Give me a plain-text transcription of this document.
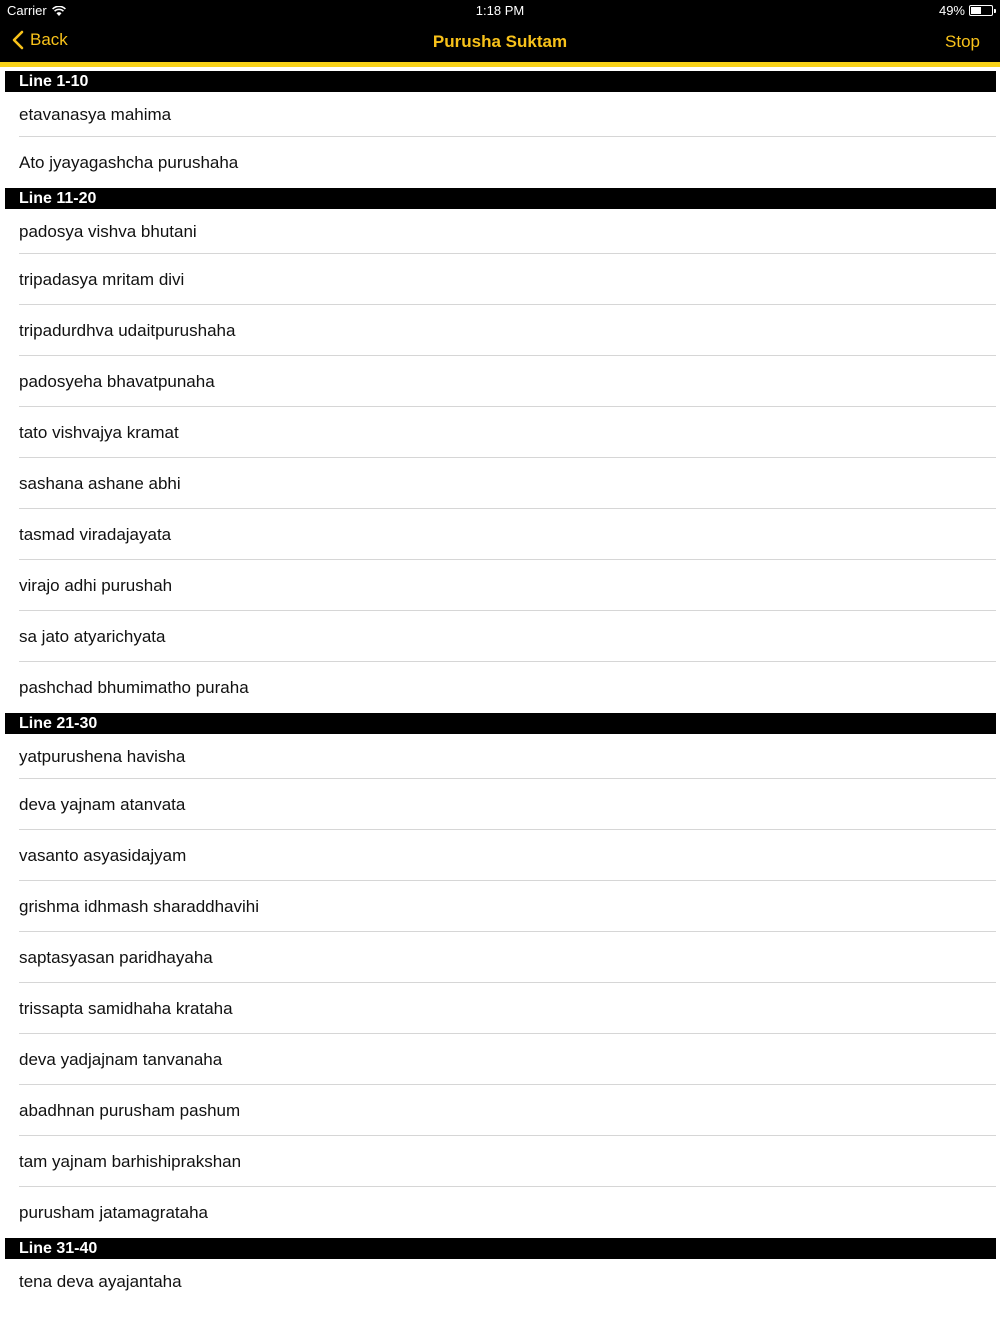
Carrier	1:18 PM	49%
Back	Purusha Suktam	Stop
Line 1-10
etavanasya mahima
Ato jyayagashcha purushaha
Line 11-20
padosya vishva bhutani
tripadasya mritam divi
tripadurdhva udaitpurushaha
padosyeha bhavatpunaha
tato vishvajya kramat
sashana ashane abhi
tasmad viradajayata
virajo adhi purushah
sa jato atyarichyata
pashchad bhumimatho puraha
Line 21-30
yatpurushena havisha
deva yajnam atanvata
vasanto asyasidajyam
grishma idhmash sharaddhavihi
saptasyasan paridhayaha
trissapta samidhaha krataha
deva yadjajnam tanvanaha
abadhnan purusham pashum
tam yajnam barhishiprakshan
purusham jatamagrataha
Line 31-40
tena deva ayajantaha
